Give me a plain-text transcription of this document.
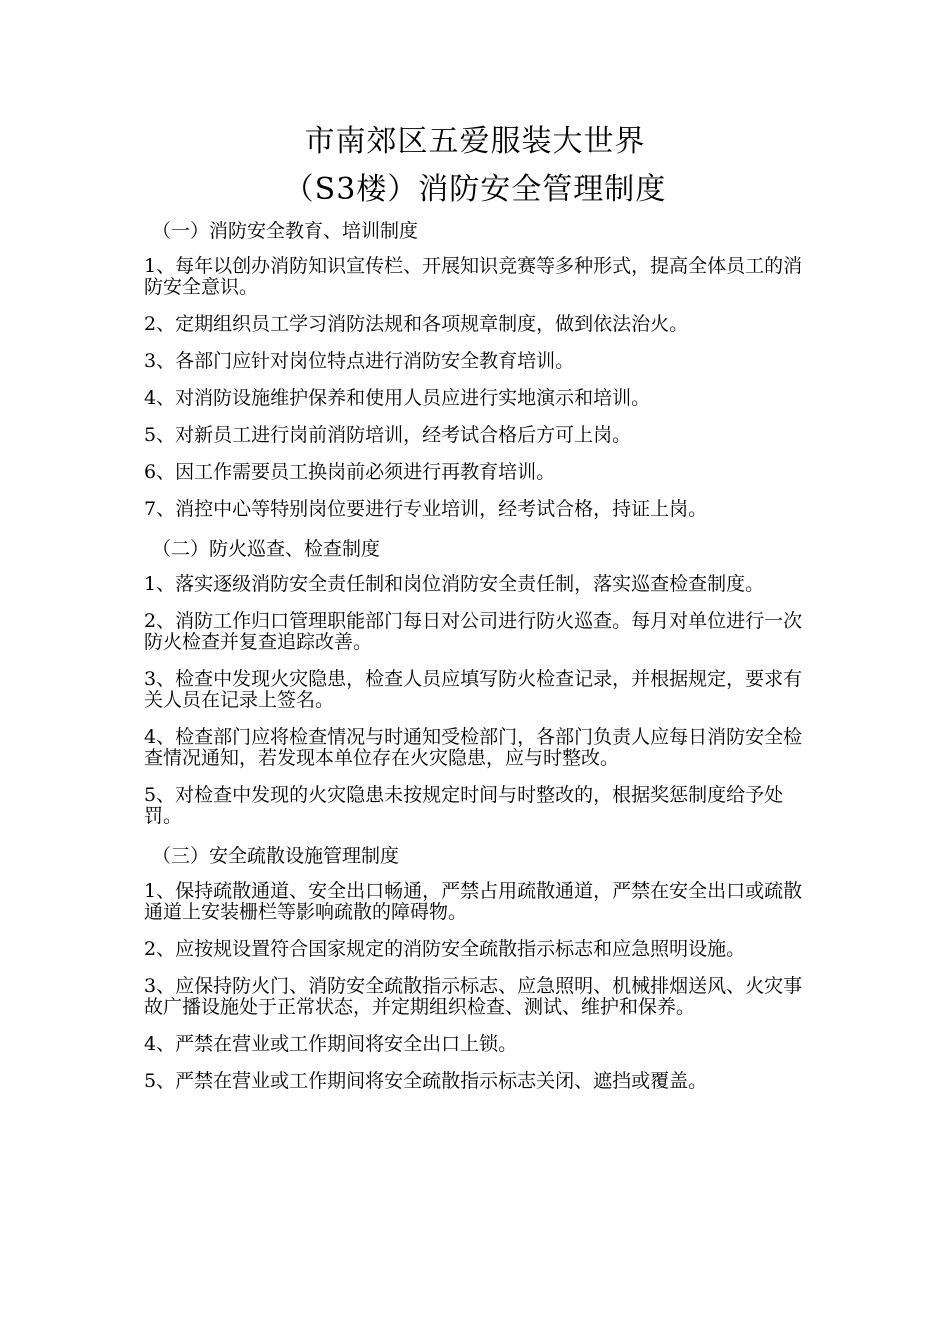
市南郊区五爱服装大世界
（S3楼）消防安全管理制度
（一）消防安全教育、培训制度

1、每年以创办消防知识宣传栏、开展知识竞赛等多种形式，提高全体员工的消防安全意识。

2、定期组织员工学习消防法规和各项规章制度，做到依法治火。

3、各部门应针对岗位特点进行消防安全教育培训。

4、对消防设施维护保养和使用人员应进行实地演示和培训。

5、对新员工进行岗前消防培训，经考试合格后方可上岗。

6、因工作需要员工换岗前必须进行再教育培训。

7、消控中心等特别岗位要进行专业培训，经考试合格，持证上岗。

（二）防火巡查、检查制度

1、落实逐级消防安全责任制和岗位消防安全责任制，落实巡查检查制度。

2、消防工作归口管理职能部门每日对公司进行防火巡查。每月对单位进行一次防火检查并复查追踪改善。

3、检查中发现火灾隐患，检查人员应填写防火检查记录，并根据规定，要求有关人员在记录上签名。

4、检查部门应将检查情况与时通知受检部门，各部门负责人应每日消防安全检查情况通知，若发现本单位存在火灾隐患，应与时整改。

5、对检查中发现的火灾隐患未按规定时间与时整改的，根据奖惩制度给予处罚。

（三）安全疏散设施管理制度

1、保持疏散通道、安全出口畅通，严禁占用疏散通道，严禁在安全出口或疏散通道上安装栅栏等影响疏散的障碍物。

2、应按规设置符合国家规定的消防安全疏散指示标志和应急照明设施。

3、应保持防火门、消防安全疏散指示标志、应急照明、机械排烟送风、火灾事故广播设施处于正常状态，并定期组织检查、测试、维护和保养。

4、严禁在营业或工作期间将安全出口上锁。

5、严禁在营业或工作期间将安全疏散指示标志关闭、遮挡或覆盖。
